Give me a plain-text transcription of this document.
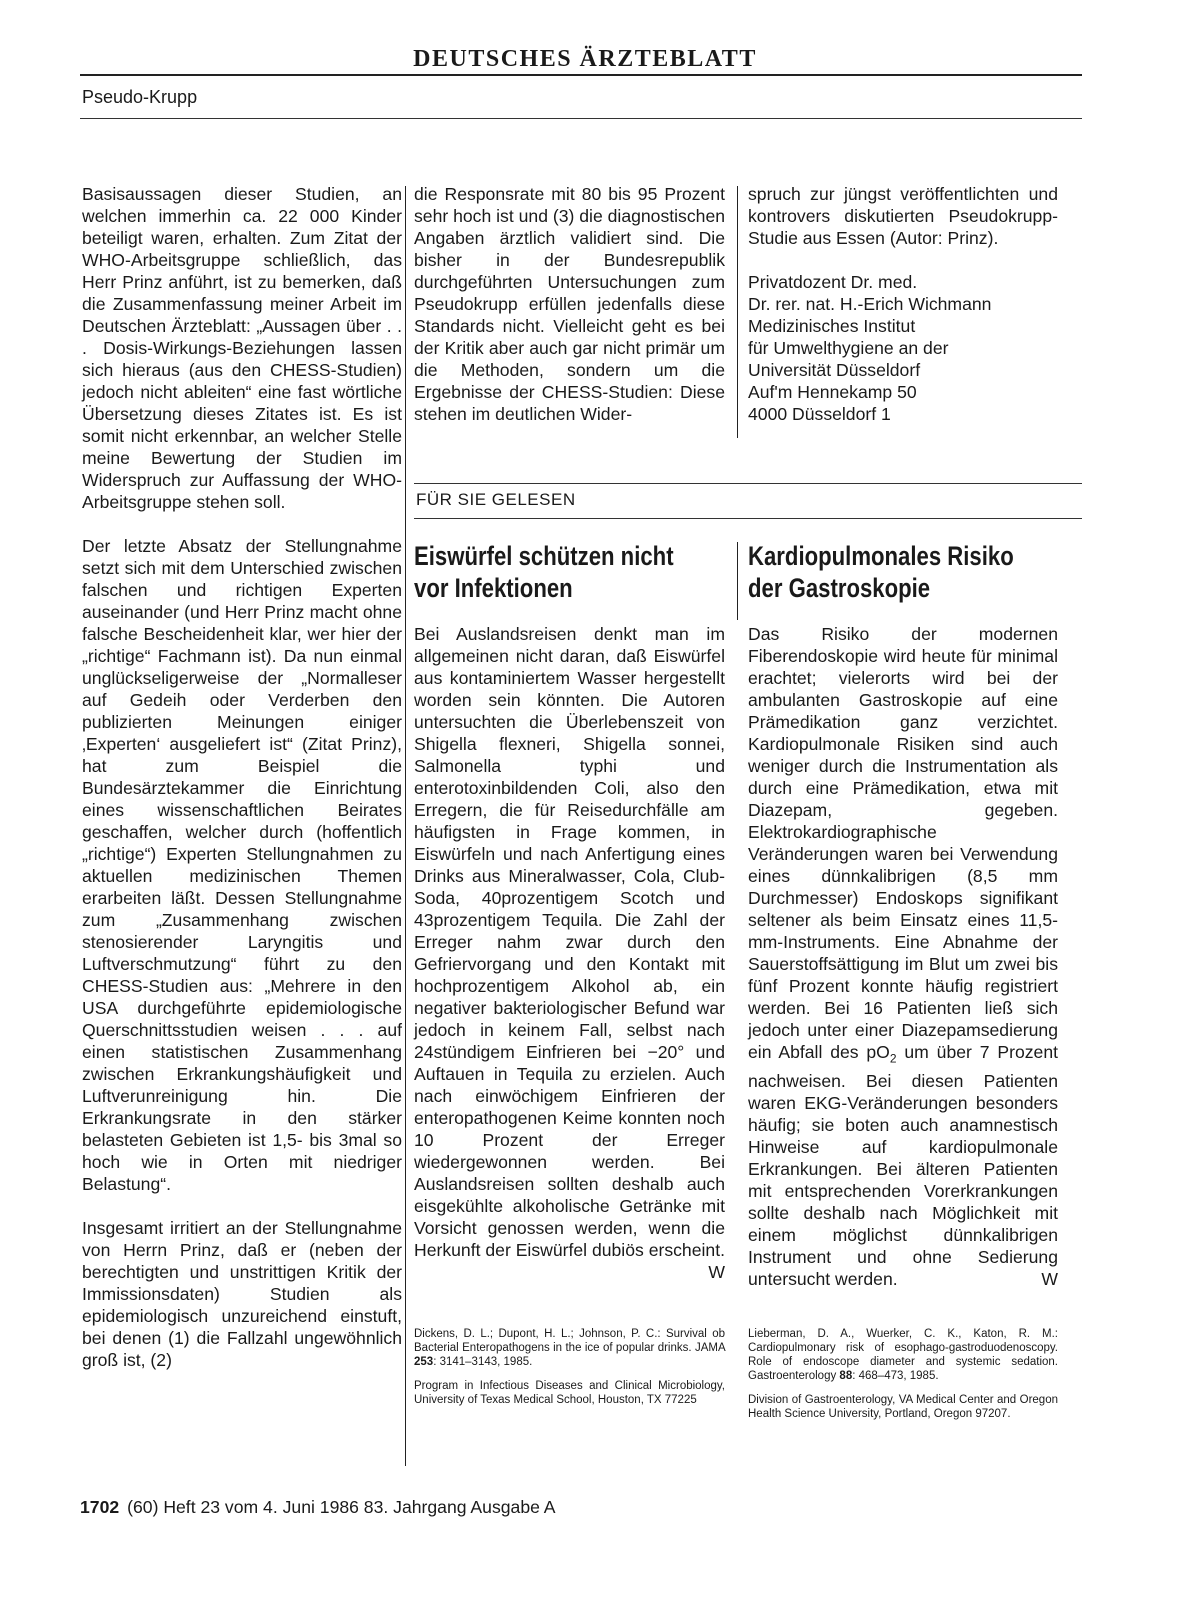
DEUTSCHES ÄRZTEBLATT
Pseudo-Krupp

Basisaussagen dieser Studien, an welchen immerhin ca. 22 000 Kinder beteiligt waren, erhalten. Zum Zitat der WHO-Arbeitsgruppe schließlich, das Herr Prinz anführt, ist zu bemerken, daß die Zusammenfassung meiner Arbeit im Deutschen Ärzteblatt: „Aussagen über . . . Dosis-Wirkungs-Beziehungen lassen sich hieraus (aus den CHESS-Studien) jedoch nicht ableiten“ eine fast wörtliche Übersetzung dieses Zitates ist. Es ist somit nicht erkennbar, an welcher Stelle meine Bewertung der Studien im Widerspruch zur Auffassung der WHO-Arbeitsgruppe stehen soll.

Der letzte Absatz der Stellungnahme setzt sich mit dem Unterschied zwischen falschen und richtigen Experten auseinander (und Herr Prinz macht ohne falsche Bescheidenheit klar, wer hier der „richtige“ Fachmann ist). Da nun einmal unglückseligerweise der „Normalleser auf Gedeih oder Verderben den publizierten Meinungen einiger ‚Experten‘ ausgeliefert ist“ (Zitat Prinz), hat zum Beispiel die Bundesärztekammer die Einrichtung eines wissenschaftlichen Beirates geschaffen, welcher durch (hoffentlich „richtige“) Experten Stellungnahmen zu aktuellen medizinischen Themen erarbeiten läßt. Dessen Stellungnahme zum „Zusammenhang zwischen stenosierender Laryngitis und Luftverschmutzung“ führt zu den CHESS-Studien aus: „Mehrere in den USA durchgeführte epidemiologische Querschnittsstudien weisen . . . auf einen statistischen Zusammenhang zwischen Erkrankungshäufigkeit und Luftverunreinigung hin. Die Erkrankungsrate in den stärker belasteten Gebieten ist 1,5- bis 3mal so hoch wie in Orten mit niedriger Belastung“.

Insgesamt irritiert an der Stellungnahme von Herrn Prinz, daß er (neben der berechtigten und unstrittigen Kritik der Immissionsdaten) Studien als epidemiologisch unzureichend einstuft, bei denen (1) die Fallzahl ungewöhnlich groß ist, (2)

die Responsrate mit 80 bis 95 Prozent sehr hoch ist und (3) die diagnostischen Angaben ärztlich validiert sind. Die bisher in der Bundesrepublik durchgeführten Untersuchungen zum Pseudokrupp erfüllen jedenfalls diese Standards nicht. Vielleicht geht es bei der Kritik aber auch gar nicht primär um die Methoden, sondern um die Ergebnisse der CHESS-Studien: Diese stehen im deutlichen Wider-

spruch zur jüngst veröffentlichten und kontrovers diskutierten Pseudokrupp-Studie aus Essen (Autor: Prinz).

Privatdozent Dr. med.
Dr. rer. nat. H.-Erich Wichmann
Medizinisches Institut
für Umwelthygiene an der
Universität Düsseldorf
Auf'm Hennekamp 50
4000 Düsseldorf 1

FÜR SIE GELESEN
Eiswürfel schützen nicht
vor Infektionen
Kardiopulmonales Risiko
der Gastroskopie

Bei Auslandsreisen denkt man im allgemeinen nicht daran, daß Eiswürfel aus kontaminiertem Wasser hergestellt worden sein könnten. Die Autoren untersuchten die Überlebenszeit von Shigella flexneri, Shigella sonnei, Salmonella typhi und enterotoxinbildenden Coli, also den Erregern, die für Reisedurchfälle am häufigsten in Frage kommen, in Eiswürfeln und nach Anfertigung eines Drinks aus Mineralwasser, Cola, Club-Soda, 40prozentigem Scotch und 43prozentigem Tequila. Die Zahl der Erreger nahm zwar durch den Gefriervorgang und den Kontakt mit hochprozentigem Alkohol ab, ein negativer bakteriologischer Befund war jedoch in keinem Fall, selbst nach 24stündigem Einfrieren bei −20° und Auftauen in Tequila zu erzielen. Auch nach einwöchigem Einfrieren der enteropathogenen Keime konnten noch 10 Prozent der Erreger wiedergewonnen werden. Bei Auslandsreisen sollten deshalb auch eisgekühlte alkoholische Getränke mit Vorsicht genossen werden, wenn die Herkunft der Eiswürfel dubiös erscheint.
W

Das Risiko der modernen Fiberendoskopie wird heute für minimal erachtet; vielerorts wird bei der ambulanten Gastroskopie auf eine Prämedikation ganz verzichtet. Kardiopulmonale Risiken sind auch weniger durch die Instrumentation als durch eine Prämedikation, etwa mit Diazepam, gegeben. Elektrokardiographische Veränderungen waren bei Verwendung eines dünnkalibrigen (8,5 mm Durchmesser) Endoskops signifikant seltener als beim Einsatz eines 11,5-mm-Instruments. Eine Abnahme der Sauerstoffsättigung im Blut um zwei bis fünf Prozent konnte häufig registriert werden. Bei 16 Patienten ließ sich jedoch unter einer Diazepamsedierung ein Abfall des $pO_2$ um über 7 Prozent nachweisen. Bei diesen Patienten waren EKG-Veränderungen besonders häufig; sie boten auch anamnestisch Hinweise auf kardiopulmonale Erkrankungen. Bei älteren Patienten mit entsprechenden Vorerkrankungen sollte deshalb nach Möglichkeit mit einem möglichst dünnkalibrigen Instrument und ohne Sedierung untersucht werden.	W

Dickens, D. L.; Dupont, H. L.; Johnson, P. C.: Survival ob Bacterial Enteropathogens in the ice of popular drinks. JAMA 253: 3141–3143, 1985.

Program in Infectious Diseases and Clinical Microbiology, University of Texas Medical School, Houston, TX 77225

Lieberman, D. A., Wuerker, C. K., Katon, R. M.: Cardiopulmonary risk of esophago-gastroduodenoscopy. Role of endoscope diameter and systemic sedation. Gastroenterology 88: 468–473, 1985.

Division of Gastroenterology, VA Medical Center and Oregon Health Science University, Portland, Oregon 97207.

1702 (60) Heft 23 vom 4. Juni 1986 83. Jahrgang Ausgabe A
